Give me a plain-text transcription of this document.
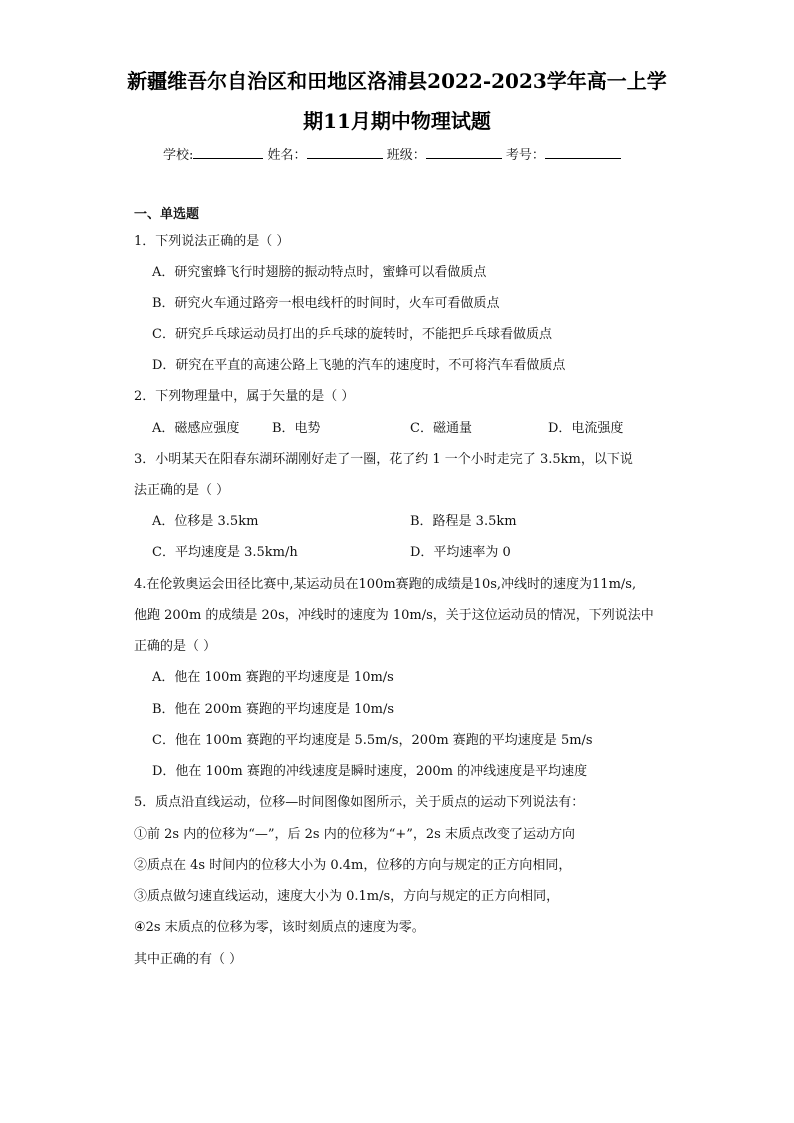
新疆维吾尔自治区和田地区洛浦县2022-2023学年高一上学
期11月期中物理试题
学校:	姓名：	班级：	考号：
一、单选题
1．下列说法正确的是（ ）
A．研究蜜蜂飞行时翅膀的振动特点时，蜜蜂可以看做质点
B．研究火车通过路旁一根电线杆的时间时，火车可看做质点
C．研究乒乓球运动员打出的乒乓球的旋转时，不能把乒乓球看做质点
D．研究在平直的高速公路上飞驰的汽车的速度时，不可将汽车看做质点
2．下列物理量中，属于矢量的是（ ）
A．磁感应强度	B．电势	C．磁通量	D．电流强度
3．小明某天在阳春东湖环湖刚好走了一圈，花了约 1 一个小时走完了 3.5km，以下说
法正确的是（ ）
A．位移是 3.5km	B．路程是 3.5km
C．平均速度是 3.5km/h	D．平均速率为 0
4.在伦敦奥运会田径比赛中,某运动员在100m赛跑的成绩是10s,冲线时的速度为11m/s,
他跑 200m 的成绩是 20s，冲线时的速度为 10m/s，关于这位运动员的情况，下列说法中
正确的是（ ）
A．他在 100m 赛跑的平均速度是 10m/s
B．他在 200m 赛跑的平均速度是 10m/s
C．他在 100m 赛跑的平均速度是 5.5m/s，200m 赛跑的平均速度是 5m/s
D．他在 100m 赛跑的冲线速度是瞬时速度，200m 的冲线速度是平均速度
5．质点沿直线运动，位移—时间图像如图所示，关于质点的运动下列说法有：
①前 2s 内的位移为“—”，后 2s 内的位移为“+”，2s 末质点改变了运动方向
②质点在 4s 时间内的位移大小为 0.4m，位移的方向与规定的正方向相同，
③质点做匀速直线运动，速度大小为 0.1m/s，方向与规定的正方向相同，
④2s 末质点的位移为零，该时刻质点的速度为零。
其中正确的有（ ）
